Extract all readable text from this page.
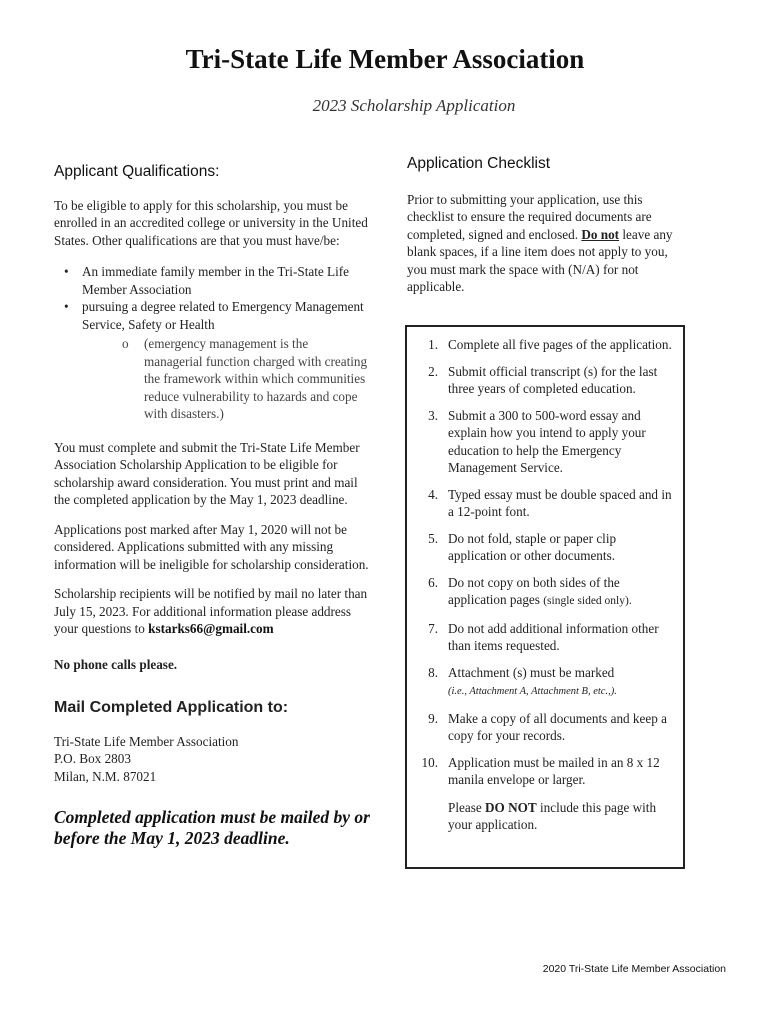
Tri-State Life Member Association
2023 Scholarship Application
Applicant Qualifications:

To be eligible to apply for this scholarship, you must be enrolled in an accredited college or university in the United States. Other qualifications are that you must have/be:

• An immediate family member in the Tri-State Life Member Association
• pursuing a degree related to Emergency Management Service, Safety or Health
o (emergency management is the managerial function charged with creating the framework within which communities reduce vulnerability to hazards and cope with disasters.)

You must complete and submit the Tri-State Life Member Association Scholarship Application to be eligible for scholarship award consideration. You must print and mail the completed application by the May 1, 2023 deadline.

Applications post marked after May 1, 2020 will not be considered. Applications submitted with any missing information will be ineligible for scholarship consideration.

Scholarship recipients will be notified by mail no later than July 15, 2023. For additional information please address your questions to kstarks66@gmail.com

No phone calls please.

Mail Completed Application to:

Tri-State Life Member Association

P.O. Box 2803

Milan, N.M. 87021

Completed application must be mailed by or before the May 1, 2023 deadline.

Application Checklist

Prior to submitting your application, use this checklist to ensure the required documents are completed, signed and enclosed. Do not leave any blank spaces, if a line item does not apply to you, you must mark the space with (N/A) for not applicable.

1. Complete all five pages of the application.
2. Submit official transcript (s) for the last three years of completed education.
3. Submit a 300 to 500-word essay and explain how you intend to apply your education to help the Emergency Management Service.
4. Typed essay must be double spaced and in a 12-point font.
5. Do not fold, staple or paper clip application or other documents.
6. Do not copy on both sides of the application pages (single sided only).
7. Do not add additional information other than items requested.
8. Attachment (s) must be marked
(i.e., Attachment A, Attachment B, etc.,).
9. Make a copy of all documents and keep a copy for your records.
10. Application must be mailed in an 8 x 12 manila envelope or larger.

Please DO NOT include this page with your application.

2020 Tri-State Life Member Association
